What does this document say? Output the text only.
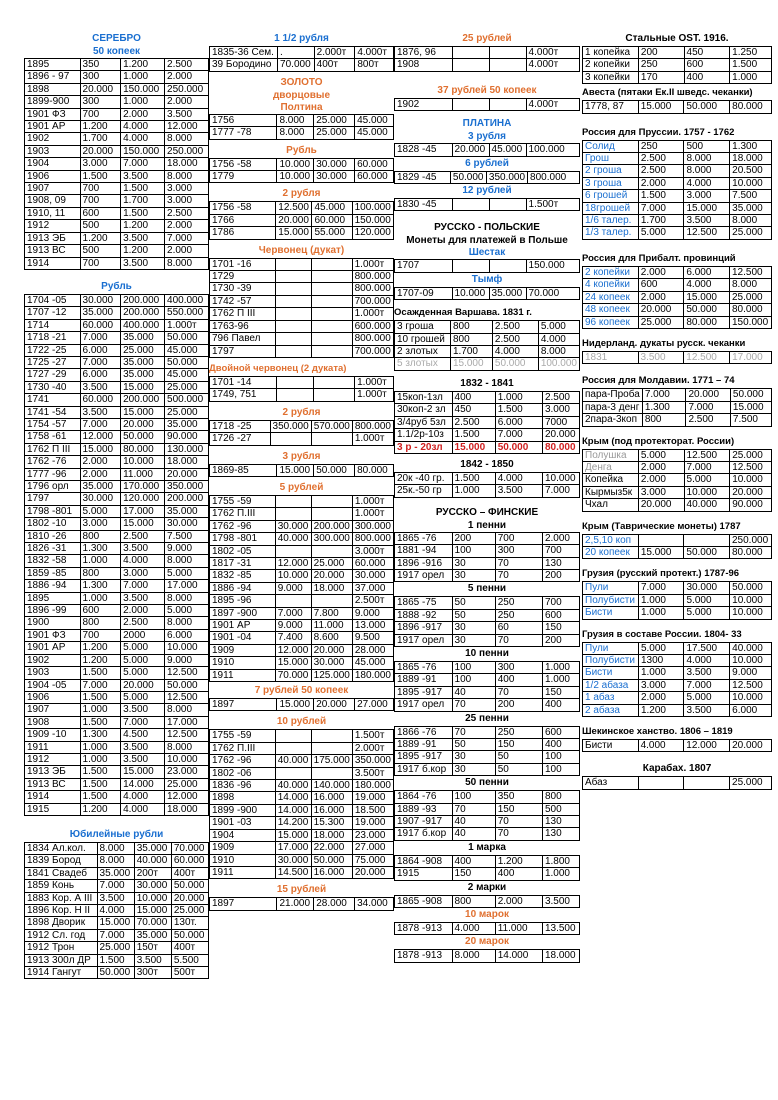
СЕРЕБРО
50 копеек
1895	350	1.200	2.500
1896 - 97	300	1.000	2.000
1898	20.000	150.000	250.000
1899-900	300	1.000	2.000
1901 ФЗ	700	2.000	3.500
1901 АР	1.200	4.000	12.000
1902	1.700	4.000	8.000
1903	20.000	150.000	250.000
1904	3.000	7.000	18.000
1906	1.500	3.500	8.000
1907	700	1.500	3.000
1908, 09	700	1.700	3.000
1910, 11	600	1.500	2.500
1912	500	1.200	2.000
1913 ЭБ	1.200	3.500	7.000
1913 ВС	500	1.200	2.000
1914	700	3.500	8.000
Рубль
1704 -05	30.000	200.000	400.000
1707 -12	35.000	200.000	550.000
1714	60.000	400.000	1.000т
1718 -21	7.000	35.000	50.000
1722 -25	6.000	25.000	45.000
1725 -27	7.000	35.000	50.000
1727 -29	6.000	35.000	45.000
1730 -40	3.500	15.000	25.000
1741	60.000	200.000	500.000
1741 -54	3.500	15.000	25.000
1754 -57	7.000	20.000	35.000
1758 -61	12.000	50.000	90.000
1762 П III	15.000	80.000	130.000
1762 -76	2.000	10.000	18.000
1777 -96	2.000	11.000	20.000
1796 орл	35.000	170.000	350.000
1797	30.000	120.000	200.000
1798 -801	5.000	17.000	35.000
1802 -10	3.000	15.000	30.000
1810 -26	800	2.500	7.500
1826 -31	1.300	3.500	9.000
1832 -58	1.000	4.000	8.000
1859 -85	800	3.000	5.000
1886 -94	1.300	7.000	17.000
1895	1.000	3.500	8.000
1896 -99	600	2.000	5.000
1900	800	2.500	8.000
1901 ФЗ	700	2000	6.000
1901 АР	1.200	5.000	10.000
1902	1.200	5.000	9.000
1903	1.500	5.000	12.500
1904 -05	7.000	20.000	50.000
1906	1.500	5.000	12.500
1907	1.000	3.500	8.000
1908	1.500	7.000	17.000
1909 -10	1.300	4.500	12.500
1911	1.000	3.500	8.000
1912	1.000	3.500	10.000
1913 ЭБ	1.500	15.000	23.000
1913 ВС	1.500	14.000	25.000
1914	1.500	4.000	12.000
1915	1.200	4.000	18.000
Юбилейные рубли
1834 Ал.кол.	8.000	35.000	70.000
1839 Бород	8.000	40.000	60.000
1841 Свадеб	35.000	200т	400т
1859 Конь	7.000	30.000	50.000
1883 Кор. А III	3.500	10.000	20.000
1896 Кор. Н II	4.000	15.000	25.000
1898 Дворик	15.000	70.000	130т.
1912 Сл. год	7.000	35.000	50.000
1912 Трон	25.000	150т	400т
1913 300л ДР	1.500	3.500	5.500
1914 Гангут	50.000	300т	500т
1 1/2 рубля
1835-36 Сем.	.	2.000т	4.000т
39 Бородино	70.000	400т	800т
ЗОЛОТО
дворцовые
Полтина
1756	8.000	25.000	45.000
1777 -78	8.000	25.000	45.000
Рубль
1756 -58	10.000	30.000	60.000
1779	10.000	30.000	60.000
2 рубля
1756 -58	12.500	45.000	100.000
1766	20.000	60.000	150.000
1786	15.000	55.000	120.000
Червонец (дукат)
1701 -16			1.000т
1729			800.000
1730 -39			800.000
1742 -57			700.000
1762 П III			1.000т
1763-96			600.000
796 Павел			800.000
1797			700.000
Двойной червонец (2 дуката)
1701 -14			1.000т
1749, 751			1.000т
2 рубля
1718 -25	350.000	570.000	800.000
1726 -27			1.000т
3 рубля
1869-85	15.000	50.000	80.000
5 рублей
1755 -59			1.000т
1762 П.III			1.000т
1762 -96	30.000	200.000	300.000
1798 -801	40.000	300.000	800.000
1802 -05			3.000т
1817 -31	12.000	25.000	60.000
1832 -85	10.000	20.000	30.000
1886 -94	9.000	18.000	37.000
1895 -96			2.500т
1897 -900	7.000	7.800	9.000
1901 АР	9.000	11.000	13.000
1901 -04	7.400	8.600	9.500
1909	12.000	20.000	28.000
1910	15.000	30.000	45.000
1911	70.000	125.000	180.000
7 рублей 50 копеек
1897	15.000	20.000	27.000
10 рублей
1755 -59			1.500т
1762 П.III			2.000т
1762 -96	40.000	175.000	350.000
1802 -06			3.500т
1836 -96	40.000	140.000	180.000
1898	14.000	16.000	19.000
1899 -900	14.000	16.000	18.500
1901 -03	14.200	15.300	19.000
1904	15.000	18.000	23.000
1909	17.000	22.000	27.000
1910	30.000	50.000	75.000
1911	14.500	16.000	20.000
15 рублей
1897	21.000	28.000	34.000
25 рублей
1876, 96			4.000т
1908			4.000т
37 рублей 50 копеек
1902			4.000т
ПЛАТИНА
3 рубля
1828 -45	20.000	45.000	100.000
6 рублей
1829 -45	50.000	350.000	800.000
12 рублей
1830 -45			1.500т
РУССКО - ПОЛЬСКИЕ
Монеты для платежей в Польше
Шестак
1707			150.000
Тымф
1707-09	10.000	35.000	70.000
Осажденная Варшава. 1831 г.
3 гроша	800	2.500	5.000
10 грошей	800	2.500	4.000
2 злотых	1.700	4.000	8.000
5 злотых	15.000	50.000	100.000
1832 - 1841
15коп-1зл	400	1.000	2.500
30коп-2 зл	450	1.500	3.000
3/4руб 5зл	2.500	6.000	7000
1.1/2р-10з	1.500	7.000	20.000
3 р - 20зл	15.000	50.000	80.000
1842 - 1850
20к -40 гр.	1.500	4.000	10.000
25к.-50 гр	1.000	3.500	7.000
РУССКО – ФИНСКИЕ
1 пенни
1865 -76	200	700	2.000
1881 -94	100	300	700
1896 -916	30	70	130
1917 орел	30	70	200
5 пенни
1865 -75	50	250	700
1888 -92	50	250	600
1896 -917	30	60	150
1917 орел	30	70	200
10 пенни
1865 -76	100	300	1.000
1889 -91	100	400	1.000
1895 -917	40	70	150
1917 орел	70	200	400
25 пенни
1866 -76	70	250	600
1889 -91	50	150	400
1895 -917	30	50	100
1917 б.кор	30	50	100
50 пенни
1864 -76	100	350	800
1889 -93	70	150	500
1907 -917	40	70	130
1917 б.кор	40	70	130
1 марка
1864 -908	400	1.200	1.800
1915	150	400	1.000
2 марки
1865 -908	800	2.000	3.500
10 марок
1878 -913	4.000	11.000	13.500
20 марок
1878 -913	8.000	14.000	18.000
Стальные OST. 1916.
1 копейка	200	450	1.250
2 копейки	250	600	1.500
3 копейки	170	400	1.000
Авеста (пятаки Ек.II шведс. чеканки)
1778, 87	15.000	50.000	80.000
Россия для Пруссии. 1757 - 1762
Солид	250	500	1.300
Грош	2.500	8.000	18.000
2 гроша	2.500	8.000	20.500
3 гроша	2.000	4.000	10.000
6 грошей	1.500	3.000	7.500
18грошей	7.000	15.000	35.000
1/6 талер.	1.700	3.500	8.000
1/3 талер.	5.000	12.500	25.000
Россия для Прибалт. провинций
2 копейки	2.000	6.000	12.500
4 копейки	600	4.000	8.000
24 копеек	2.000	15.000	25.000
48 копеек	20.000	50.000	80.000
96 копеек	25.000	80.000	150.000
Нидерланд. дукаты русск. чеканки
1831	3.500	12.500	17.000
Россия для Молдавии. 1771 – 74
пара-Проба	7.000	20.000	50.000
пара-3 денг	1.300	7.000	15.000
2пара-3коп	800	2.500	7.500
Крым (под протекторат. России)
Полушка	5.000	12.500	25.000
Денга	2.000	7.000	12.500
Копейка	2.000	5.000	10.000
Кырмыз5к	3.000	10.000	20.000
Чхал	20.000	40.000	90.000
Крым (Таврические монеты) 1787
2,5,10 коп			250.000
20 копеек	15.000	50.000	80.000
Грузия (русский протект.) 1787-96
Пули	7.000	30.000	50.000
Полубисти	1.000	5.000	10.000
Бисти	1.000	5.000	10.000
Грузия в составе России. 1804- 33
Пули	5.000	17.500	40.000
Полубисти	1300	4.000	10.000
Бисти	1.000	3.500	9.000
1/2 абаза	3.000	7.000	12.500
1 абаз	2.000	5.000	10.000
2 абаза	1.200	3.500	6.000
Шекинское ханство. 1806 – 1819
Бисти	4.000	12.000	20.000
Карабах. 1807
Абаз			25.000
